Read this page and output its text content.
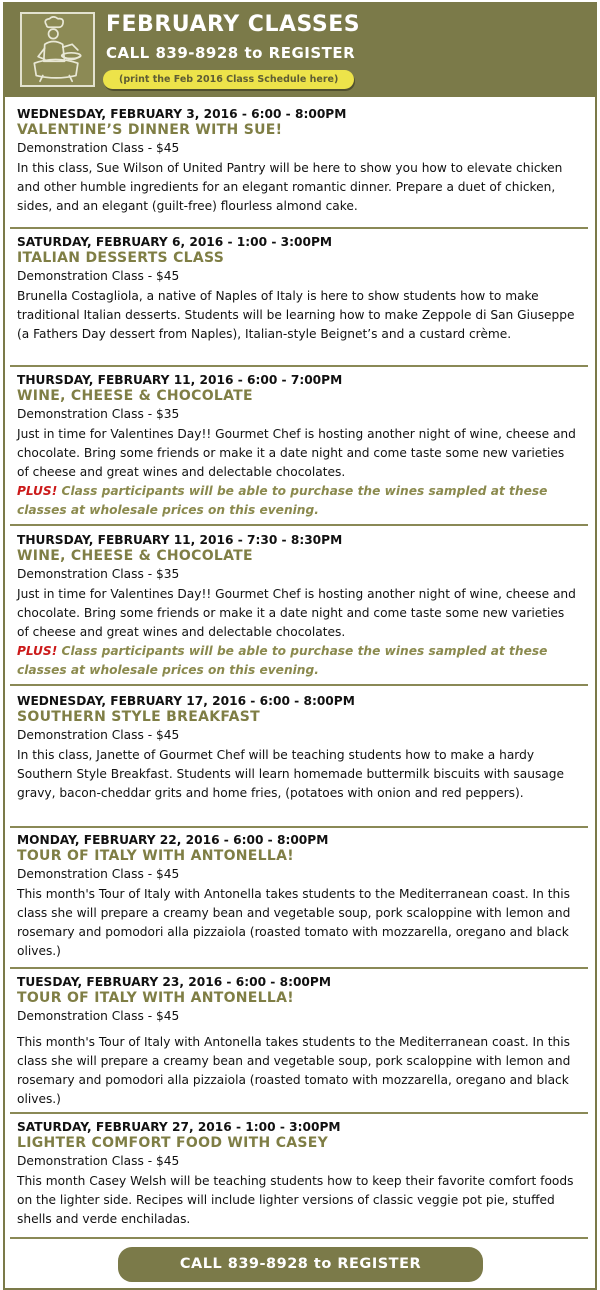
FEBRUARY CLASSES
CALL 839-8928 to REGISTER
(print the Feb 2016 Class Schedule here)
WEDNESDAY, FEBRUARY 3, 2016 - 6:00 - 8:00PM
VALENTINE’S DINNER WITH SUE!
Demonstration Class - $45
In this class, Sue Wilson of United Pantry will be here to show you how to elevate chicken and other humble ingredients for an elegant romantic dinner. Prepare a duet of chicken, sides, and an elegant (guilt-free) flourless almond cake.
SATURDAY, FEBRUARY 6, 2016 - 1:00 - 3:00PM
ITALIAN DESSERTS CLASS
Demonstration Class - $45
Brunella Costagliola, a native of Naples of Italy is here to show students how to make traditional Italian desserts. Students will be learning how to make Zeppole di San Giuseppe (a Fathers Day dessert from Naples), Italian-style Beignet’s and a custard crème.
THURSDAY, FEBRUARY 11, 2016 - 6:00 - 7:00PM
WINE, CHEESE & CHOCOLATE
Demonstration Class - $35
Just in time for Valentines Day!! Gourmet Chef is hosting another night of wine, cheese and chocolate. Bring some friends or make it a date night and come taste some new varieties of cheese and great wines and delectable chocolates.
PLUS! Class participants will be able to purchase the wines sampled at these classes at wholesale prices on this evening.
THURSDAY, FEBRUARY 11, 2016 - 7:30 - 8:30PM
WINE, CHEESE & CHOCOLATE
Demonstration Class - $35
Just in time for Valentines Day!! Gourmet Chef is hosting another night of wine, cheese and chocolate. Bring some friends or make it a date night and come taste some new varieties of cheese and great wines and delectable chocolates.
PLUS! Class participants will be able to purchase the wines sampled at these classes at wholesale prices on this evening.
WEDNESDAY, FEBRUARY 17, 2016 - 6:00 - 8:00PM
SOUTHERN STYLE BREAKFAST
Demonstration Class - $45
In this class, Janette of Gourmet Chef will be teaching students how to make a hardy Southern Style Breakfast. Students will learn homemade buttermilk biscuits with sausage gravy, bacon-cheddar grits and home fries, (potatoes with onion and red peppers).
MONDAY, FEBRUARY 22, 2016 - 6:00 - 8:00PM
TOUR OF ITALY WITH ANTONELLA!
Demonstration Class - $45
This month's Tour of Italy with Antonella takes students to the Mediterranean coast. In this class she will prepare a creamy bean and vegetable soup, pork scaloppine with lemon and rosemary and pomodori alla pizzaiola (roasted tomato with mozzarella, oregano and black olives.)
TUESDAY, FEBRUARY 23, 2016 - 6:00 - 8:00PM
TOUR OF ITALY WITH ANTONELLA!
Demonstration Class - $45
This month's Tour of Italy with Antonella takes students to the Mediterranean coast. In this class she will prepare a creamy bean and vegetable soup, pork scaloppine with lemon and rosemary and pomodori alla pizzaiola (roasted tomato with mozzarella, oregano and black olives.)
SATURDAY, FEBRUARY 27, 2016 - 1:00 - 3:00PM
LIGHTER COMFORT FOOD WITH CASEY
Demonstration Class - $45
This month Casey Welsh will be teaching students how to keep their favorite comfort foods on the lighter side. Recipes will include lighter versions of classic veggie pot pie, stuffed shells and verde enchiladas.
CALL 839-8928 to REGISTER
